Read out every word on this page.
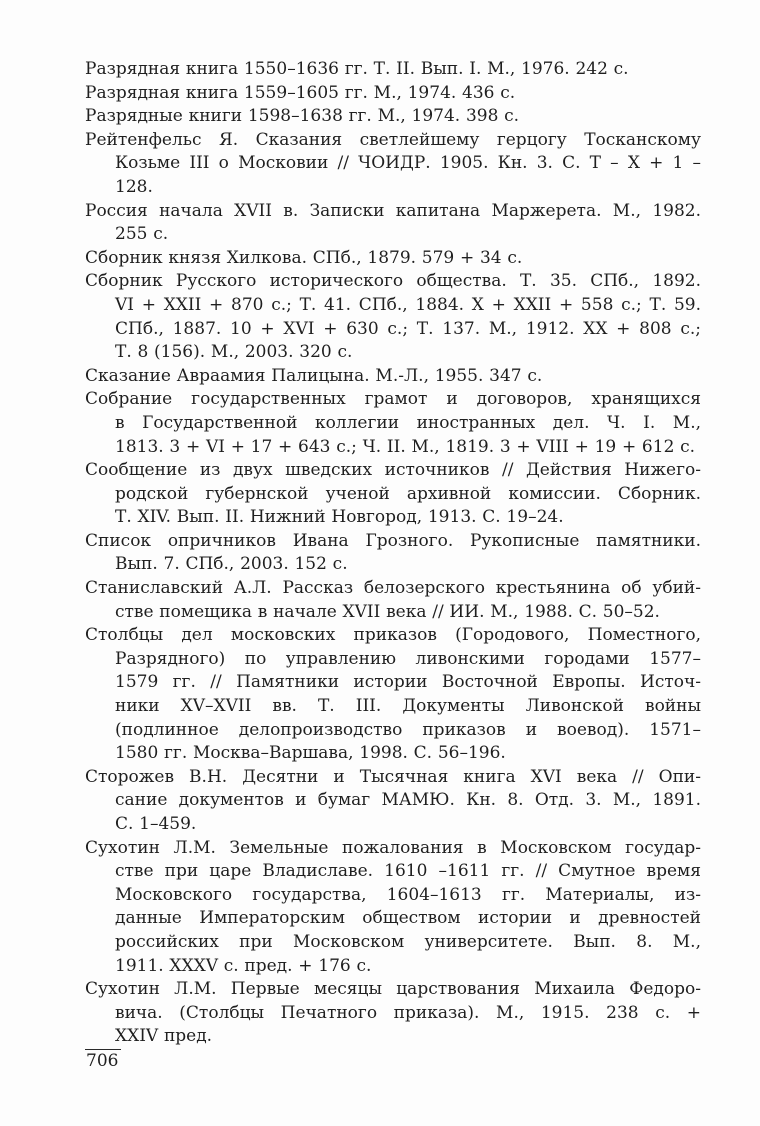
Разрядная книга 1550–1636 гг. Т. II. Вып. I. М., 1976. 242 с.
Разрядная книга 1559–1605 гг. М., 1974. 436 с.
Разрядные книги 1598–1638 гг. М., 1974. 398 с.
Рейтенфельс Я. Сказания светлейшему герцогу Тосканскому
Козьме III о Московии // ЧОИДР. 1905. Кн. 3. С. Т – Х + 1 –
128.
Россия начала XVII в. Записки капитана Маржерета. М., 1982.
255 с.
Сборник князя Хилкова. СПб., 1879. 579 + 34 с.
Сборник Русского исторического общества. Т. 35. СПб., 1892.
VI + XXII + 870 с.; Т. 41. СПб., 1884. X + XXII + 558 с.; Т. 59.
СПб., 1887. 10 + XVI + 630 с.; Т. 137. М., 1912. XX + 808 с.;
Т. 8 (156). М., 2003. 320 с.
Сказание Авраамия Палицына. М.-Л., 1955. 347 с.
Собрание государственных грамот и договоров, хранящихся
в Государственной коллегии иностранных дел. Ч. I. М.,
1813. 3 + VI + 17 + 643 с.; Ч. II. М., 1819. 3 + VIII + 19 + 612 с.
Сообщение из двух шведских источников // Действия Нижего-
родской губернской ученой архивной комиссии. Сборник.
Т. XIV. Вып. II. Нижний Новгород, 1913. С. 19–24.
Список опричников Ивана Грозного. Рукописные памятники.
Вып. 7. СПб., 2003. 152 с.
Станиславский А.Л. Рассказ белозерского крестьянина об убий-
стве помещика в начале XVII века // ИИ. М., 1988. С. 50–52.
Столбцы дел московских приказов (Городового, Поместного,
Разрядного) по управлению ливонскими городами 1577–
1579 гг. // Памятники истории Восточной Европы. Источ-
ники XV–XVII вв. Т. III. Документы Ливонской войны
(подлинное делопроизводство приказов и воевод). 1571–
1580 гг. Москва–Варшава, 1998. С. 56–196.
Сторожев В.Н. Десятни и Тысячная книга XVI века // Опи-
сание документов и бумаг МАМЮ. Кн. 8. Отд. 3. М., 1891.
С. 1–459.
Сухотин Л.М. Земельные пожалования в Московском государ-
стве при царе Владиславе. 1610 –1611 гг. // Смутное время
Московского государства, 1604–1613 гг. Материалы, из-
данные Императорским обществом истории и древностей
российских при Московском университете. Вып. 8. М.,
1911. XXXV с. пред. + 176 с.
Сухотин Л.М. Первые месяцы царствования Михаила Федоро-
вича. (Столбцы Печатного приказа). М., 1915. 238 с. +
XXIV пред.
706
